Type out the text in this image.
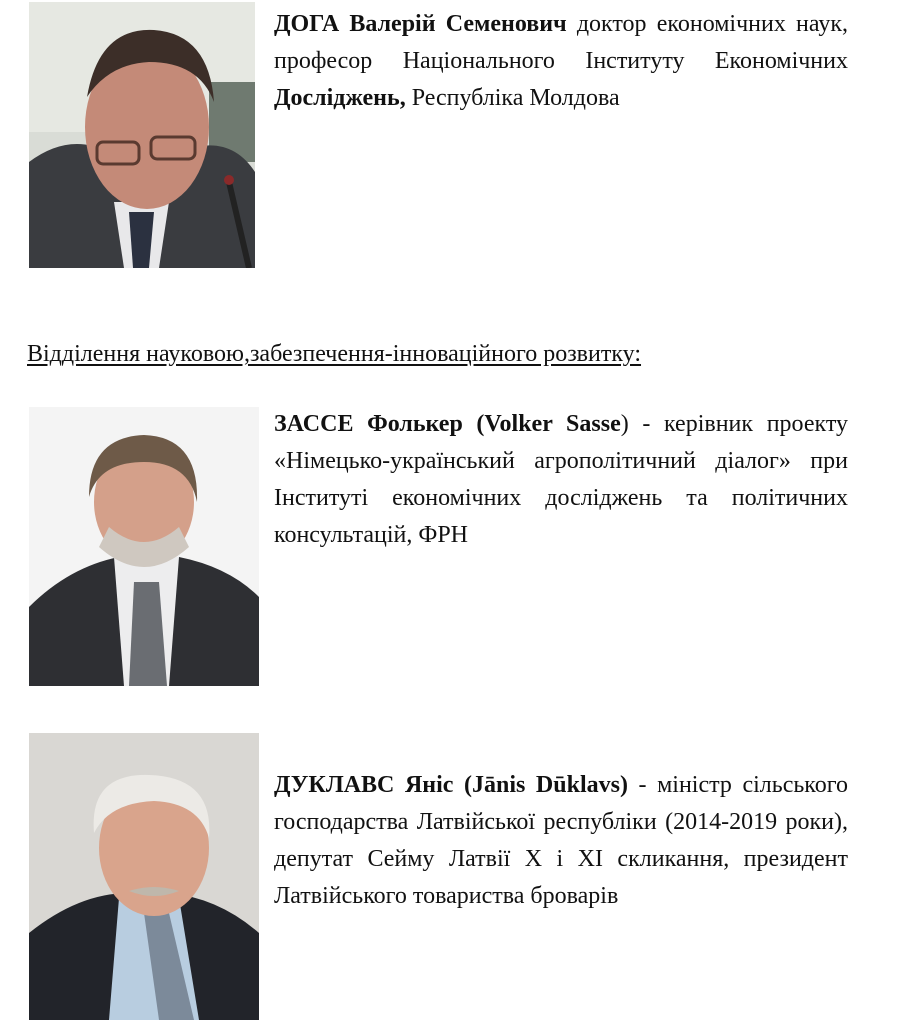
ДОГА Валерій Семенович доктор економічних наук, професор Національного Інституту Економічних Досліджень, Республіка Молдова
Відділення науковою,забезпечення-інноваційного розвитку:
ЗАССЕ Фолькер (Volker Sasse) - керівник проекту «Німецько-український агрополітичний діалог» при Інституті економічних досліджень та політичних консультацій, ФРН
ДУКЛАВС Яніс (Jānis Dūklavs) - міністр сільського господарства Латвійської республіки (2014-2019 роки), депутат Сейму Латвії X і XI скликання, президент Латвійського товариства броварів
